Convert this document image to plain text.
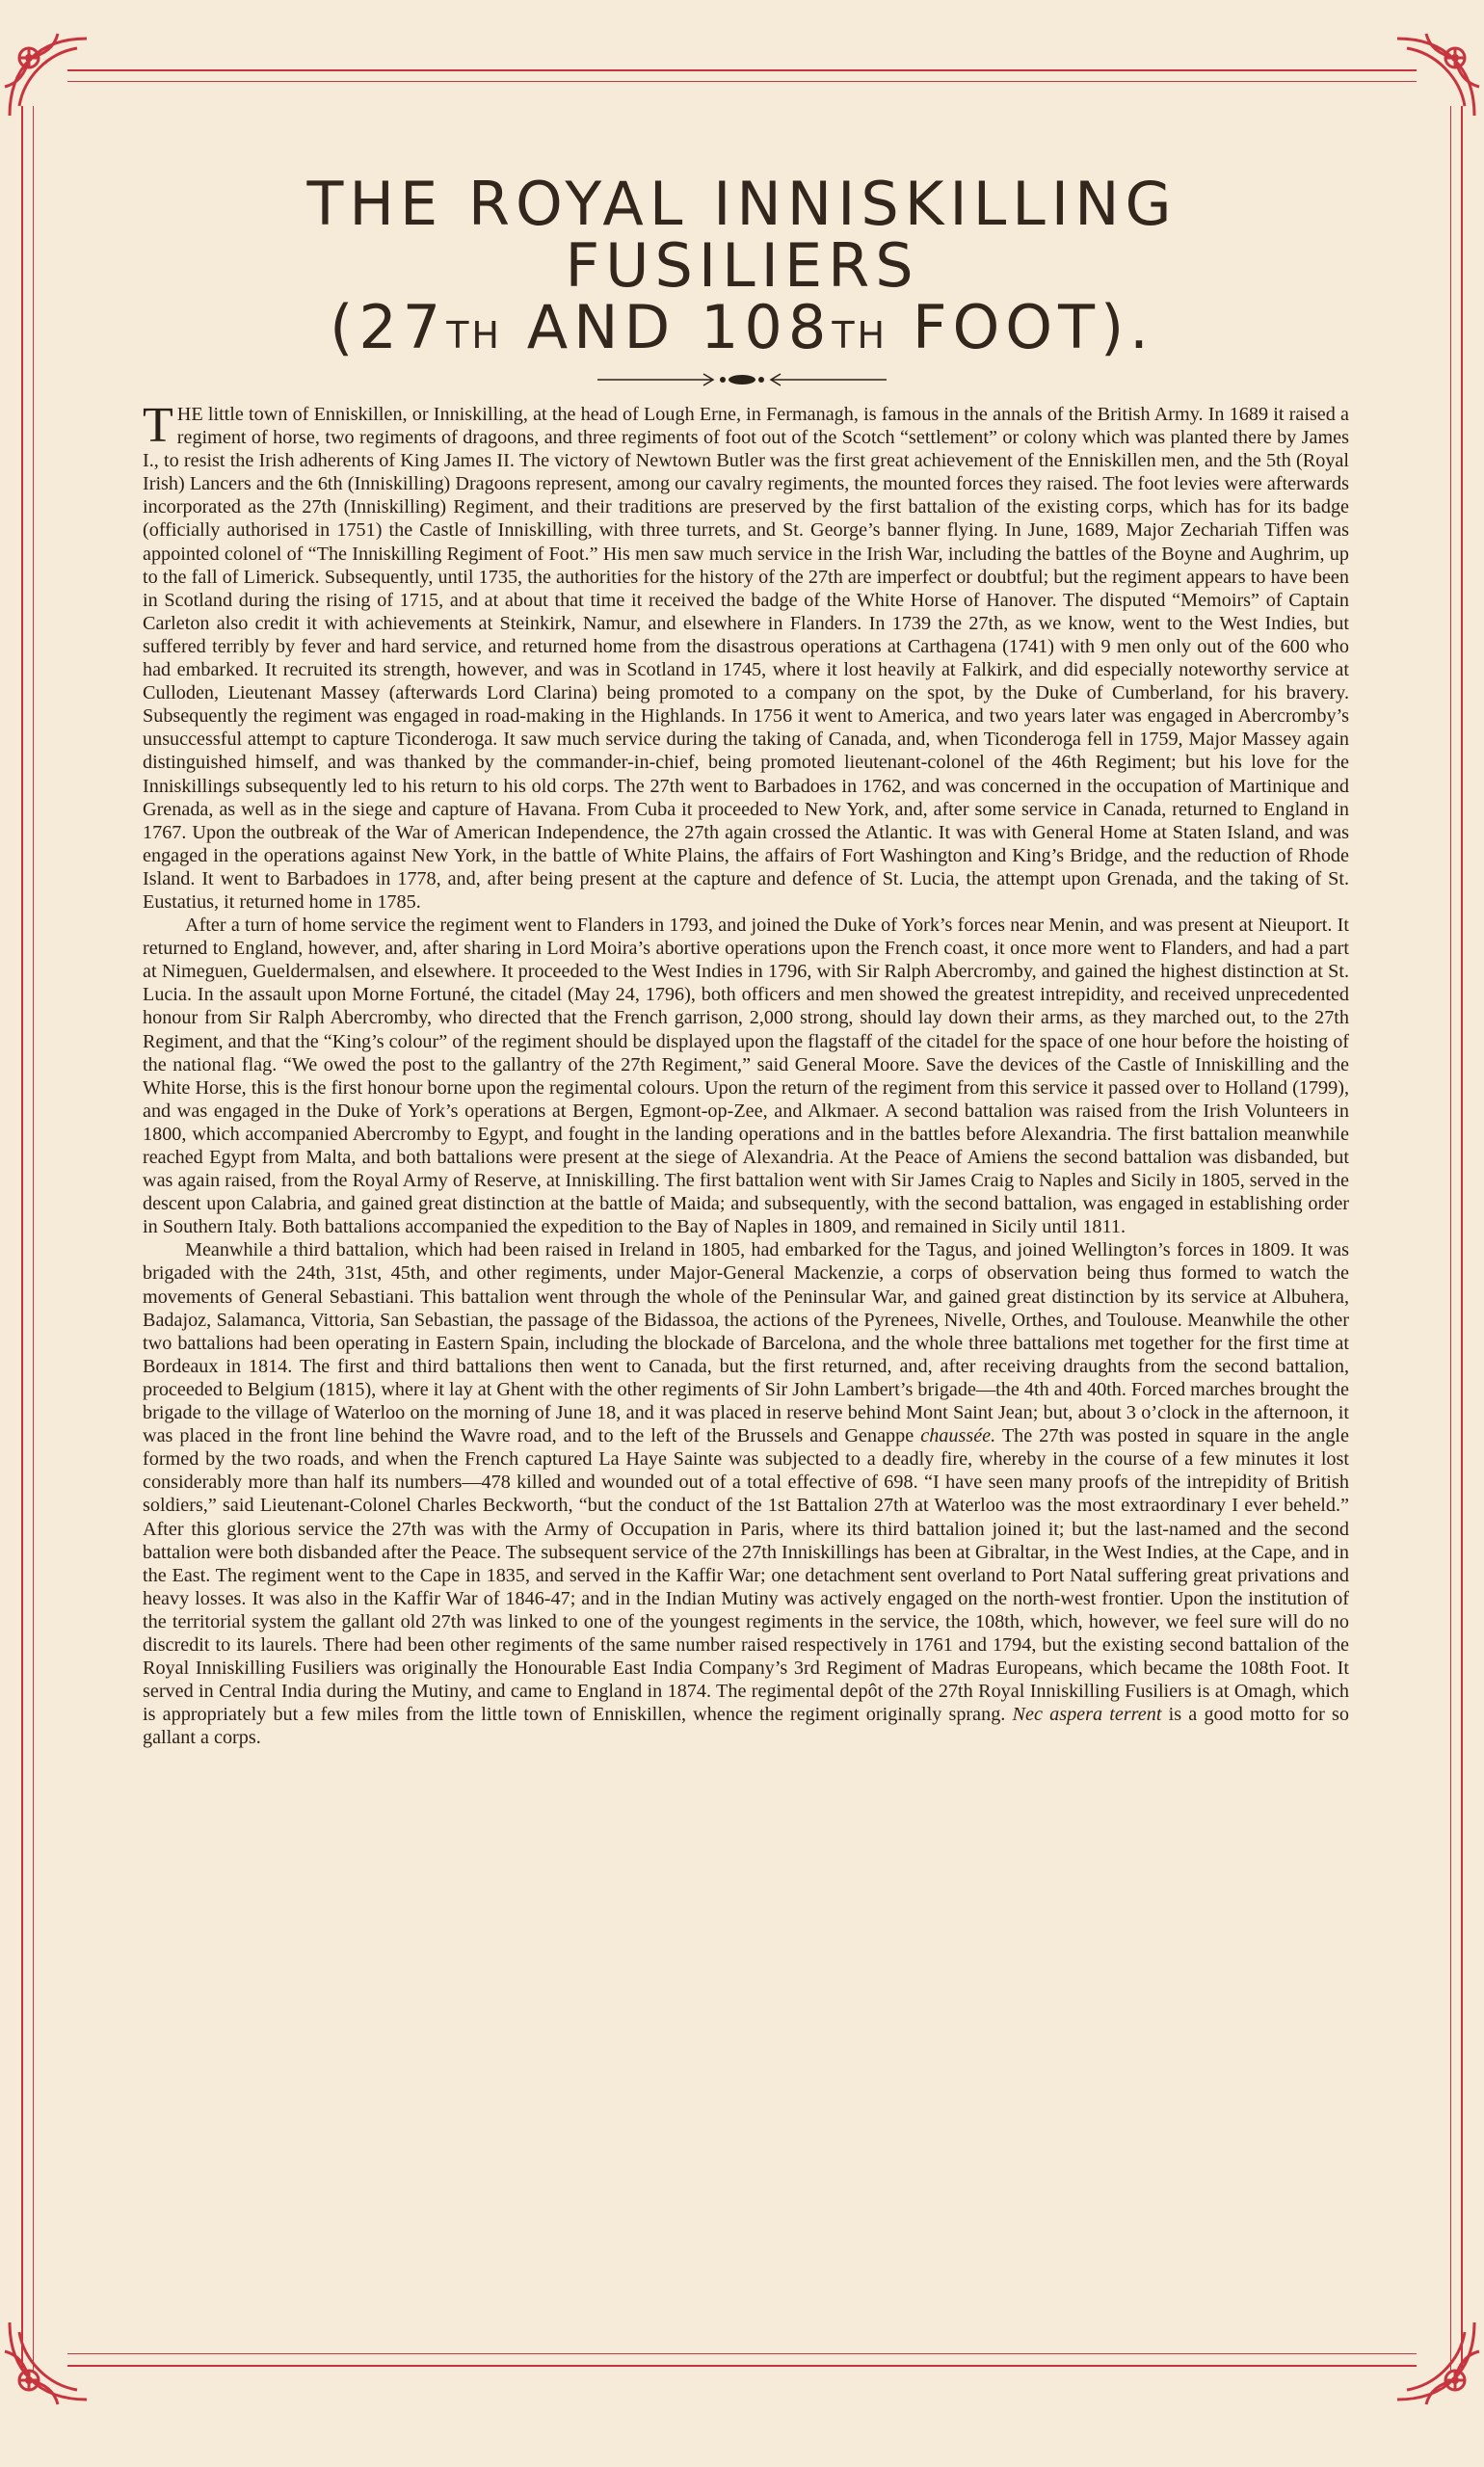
THE ROYAL INNISKILLING
FUSILIERS
(27TH AND 108TH FOOT).

THE little town of Enniskillen, or Inniskilling, at the head of Lough Erne, in Fermanagh, is famous in the annals of the British Army. In 1689 it raised a regiment of horse, two regiments of dragoons, and three regiments of foot out of the Scotch “settlement” or colony which was planted there by James I., to resist the Irish adherents of King James II. The victory of Newtown Butler was the first great achievement of the Enniskillen men, and the 5th (Royal Irish) Lancers and the 6th (Inniskilling) Dragoons represent, among our cavalry regiments, the mounted forces they raised. The foot levies were afterwards incorporated as the 27th (Inniskilling) Regiment, and their traditions are preserved by the first battalion of the existing corps, which has for its badge (officially authorised in 1751) the Castle of Inniskilling, with three turrets, and St. George’s banner flying. In June, 1689, Major Zechariah Tiffen was appointed colonel of “The Inniskilling Regiment of Foot.” His men saw much service in the Irish War, including the battles of the Boyne and Aughrim, up to the fall of Limerick. Subsequently, until 1735, the authorities for the history of the 27th are imperfect or doubtful; but the regiment appears to have been in Scotland during the rising of 1715, and at about that time it received the badge of the White Horse of Hanover. The disputed “Memoirs” of Captain Carleton also credit it with achievements at Steinkirk, Namur, and elsewhere in Flanders. In 1739 the 27th, as we know, went to the West Indies, but suffered terribly by fever and hard service, and returned home from the disastrous operations at Carthagena (1741) with 9 men only out of the 600 who had embarked. It recruited its strength, however, and was in Scotland in 1745, where it lost heavily at Falkirk, and did especially noteworthy service at Culloden, Lieutenant Massey (afterwards Lord Clarina) being promoted to a company on the spot, by the Duke of Cumberland, for his bravery. Subsequently the regiment was engaged in road-making in the Highlands. In 1756 it went to America, and two years later was engaged in Abercromby’s unsuccessful attempt to capture Ticonderoga. It saw much service during the taking of Canada, and, when Ticonderoga fell in 1759, Major Massey again distinguished himself, and was thanked by the commander-in-chief, being promoted lieutenant-colonel of the 46th Regiment; but his love for the Inniskillings subsequently led to his return to his old corps. The 27th went to Barbadoes in 1762, and was concerned in the occupation of Martinique and Grenada, as well as in the siege and capture of Havana. From Cuba it proceeded to New York, and, after some service in Canada, returned to England in 1767. Upon the outbreak of the War of American Independence, the 27th again crossed the Atlantic. It was with General Home at Staten Island, and was engaged in the operations against New York, in the battle of White Plains, the affairs of Fort Washington and King’s Bridge, and the reduction of Rhode Island. It went to Barbadoes in 1778, and, after being present at the capture and defence of St. Lucia, the attempt upon Grenada, and the taking of St. Eustatius, it returned home in 1785.

After a turn of home service the regiment went to Flanders in 1793, and joined the Duke of York’s forces near Menin, and was present at Nieuport. It returned to England, however, and, after sharing in Lord Moira’s abortive operations upon the French coast, it once more went to Flanders, and had a part at Nimeguen, Gueldermalsen, and elsewhere. It proceeded to the West Indies in 1796, with Sir Ralph Abercromby, and gained the highest distinction at St. Lucia. In the assault upon Morne Fortuné, the citadel (May 24, 1796), both officers and men showed the greatest intrepidity, and received unprecedented honour from Sir Ralph Abercromby, who directed that the French garrison, 2,000 strong, should lay down their arms, as they marched out, to the 27th Regiment, and that the “King’s colour” of the regiment should be displayed upon the flagstaff of the citadel for the space of one hour before the hoisting of the national flag. “We owed the post to the gallantry of the 27th Regiment,” said General Moore. Save the devices of the Castle of Inniskilling and the White Horse, this is the first honour borne upon the regimental colours. Upon the return of the regiment from this service it passed over to Holland (1799), and was engaged in the Duke of York’s operations at Bergen, Egmont-op-Zee, and Alkmaer. A second battalion was raised from the Irish Volunteers in 1800, which accompanied Abercromby to Egypt, and fought in the landing operations and in the battles before Alexandria. The first battalion meanwhile reached Egypt from Malta, and both battalions were present at the siege of Alexandria. At the Peace of Amiens the second battalion was disbanded, but was again raised, from the Royal Army of Reserve, at Inniskilling. The first battalion went with Sir James Craig to Naples and Sicily in 1805, served in the descent upon Calabria, and gained great distinction at the battle of Maida; and subsequently, with the second battalion, was engaged in establishing order in Southern Italy. Both battalions accompanied the expedition to the Bay of Naples in 1809, and remained in Sicily until 1811.

Meanwhile a third battalion, which had been raised in Ireland in 1805, had embarked for the Tagus, and joined Wellington’s forces in 1809. It was brigaded with the 24th, 31st, 45th, and other regiments, under Major-General Mackenzie, a corps of observation being thus formed to watch the movements of General Sebastiani. This battalion went through the whole of the Peninsular War, and gained great distinction by its service at Albuhera, Badajoz, Salamanca, Vittoria, San Sebastian, the passage of the Bidassoa, the actions of the Pyrenees, Nivelle, Orthes, and Toulouse. Meanwhile the other two battalions had been operating in Eastern Spain, including the blockade of Barcelona, and the whole three battalions met together for the first time at Bordeaux in 1814. The first and third battalions then went to Canada, but the first returned, and, after receiving draughts from the second battalion, proceeded to Belgium (1815), where it lay at Ghent with the other regiments of Sir John Lambert’s brigade—the 4th and 40th. Forced marches brought the brigade to the village of Waterloo on the morning of June 18, and it was placed in reserve behind Mont Saint Jean; but, about 3 o’clock in the afternoon, it was placed in the front line behind the Wavre road, and to the left of the Brussels and Genappe chaussée. The 27th was posted in square in the angle formed by the two roads, and when the French captured La Haye Sainte was subjected to a deadly fire, whereby in the course of a few minutes it lost considerably more than half its numbers—478 killed and wounded out of a total effective of 698. “I have seen many proofs of the intrepidity of British soldiers,” said Lieutenant-Colonel Charles Beckworth, “but the conduct of the 1st Battalion 27th at Waterloo was the most extraordinary I ever beheld.” After this glorious service the 27th was with the Army of Occupation in Paris, where its third battalion joined it; but the last-named and the second battalion were both disbanded after the Peace. The subsequent service of the 27th Inniskillings has been at Gibraltar, in the West Indies, at the Cape, and in the East. The regiment went to the Cape in 1835, and served in the Kaffir War; one detachment sent overland to Port Natal suffering great privations and heavy losses. It was also in the Kaffir War of 1846-47; and in the Indian Mutiny was actively engaged on the north-west frontier. Upon the institution of the territorial system the gallant old 27th was linked to one of the youngest regiments in the service, the 108th, which, however, we feel sure will do no discredit to its laurels. There had been other regiments of the same number raised respectively in 1761 and 1794, but the existing second battalion of the Royal Inniskilling Fusiliers was originally the Honourable East India Company’s 3rd Regiment of Madras Europeans, which became the 108th Foot. It served in Central India during the Mutiny, and came to England in 1874. The regimental depôt of the 27th Royal Inniskilling Fusiliers is at Omagh, which is appropriately but a few miles from the little town of Enniskillen, whence the regiment originally sprang. Nec aspera terrent is a good motto for so gallant a corps.
